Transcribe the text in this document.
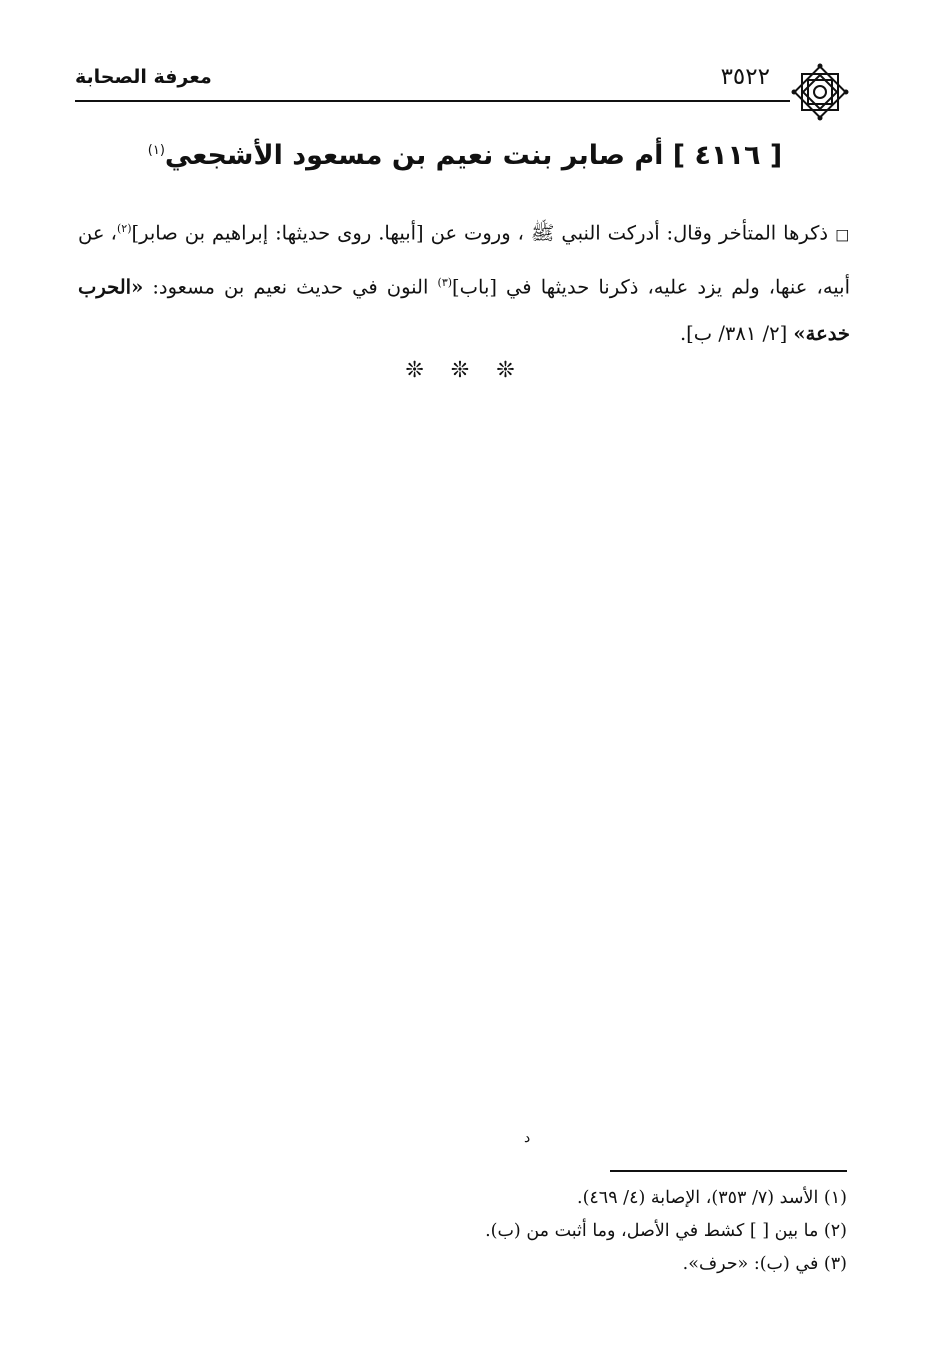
معرفة الصحابة	٣٥٢٢
[ ٤١١٦ ] أم صابر بنت نعيم بن مسعود الأشجعي$^{(١)}$
□ ذكرها المتأخر وقال: أدركت النبي ﷺ ، وروت عن [أبيها. روى حديثها: إبراهيم بن صابر]$^{(٢)}$، عن أبيه، عنها، ولم يزد عليه، ذكرنا حديثها في [باب]$^{(٣)}$ النون في حديث نعيم بن مسعود: «الحرب خدعة» [٢/ ٣٨١/ ب].
❊ ❊ ❊
ﺩ
(١) الأسد (٧/ ٣٥٣)، الإصابة (٤/ ٤٦٩).
(٢) ما بين [ ] كشط في الأصل، وما أثبت من (ب).
(٣) في (ب): «حرف».
